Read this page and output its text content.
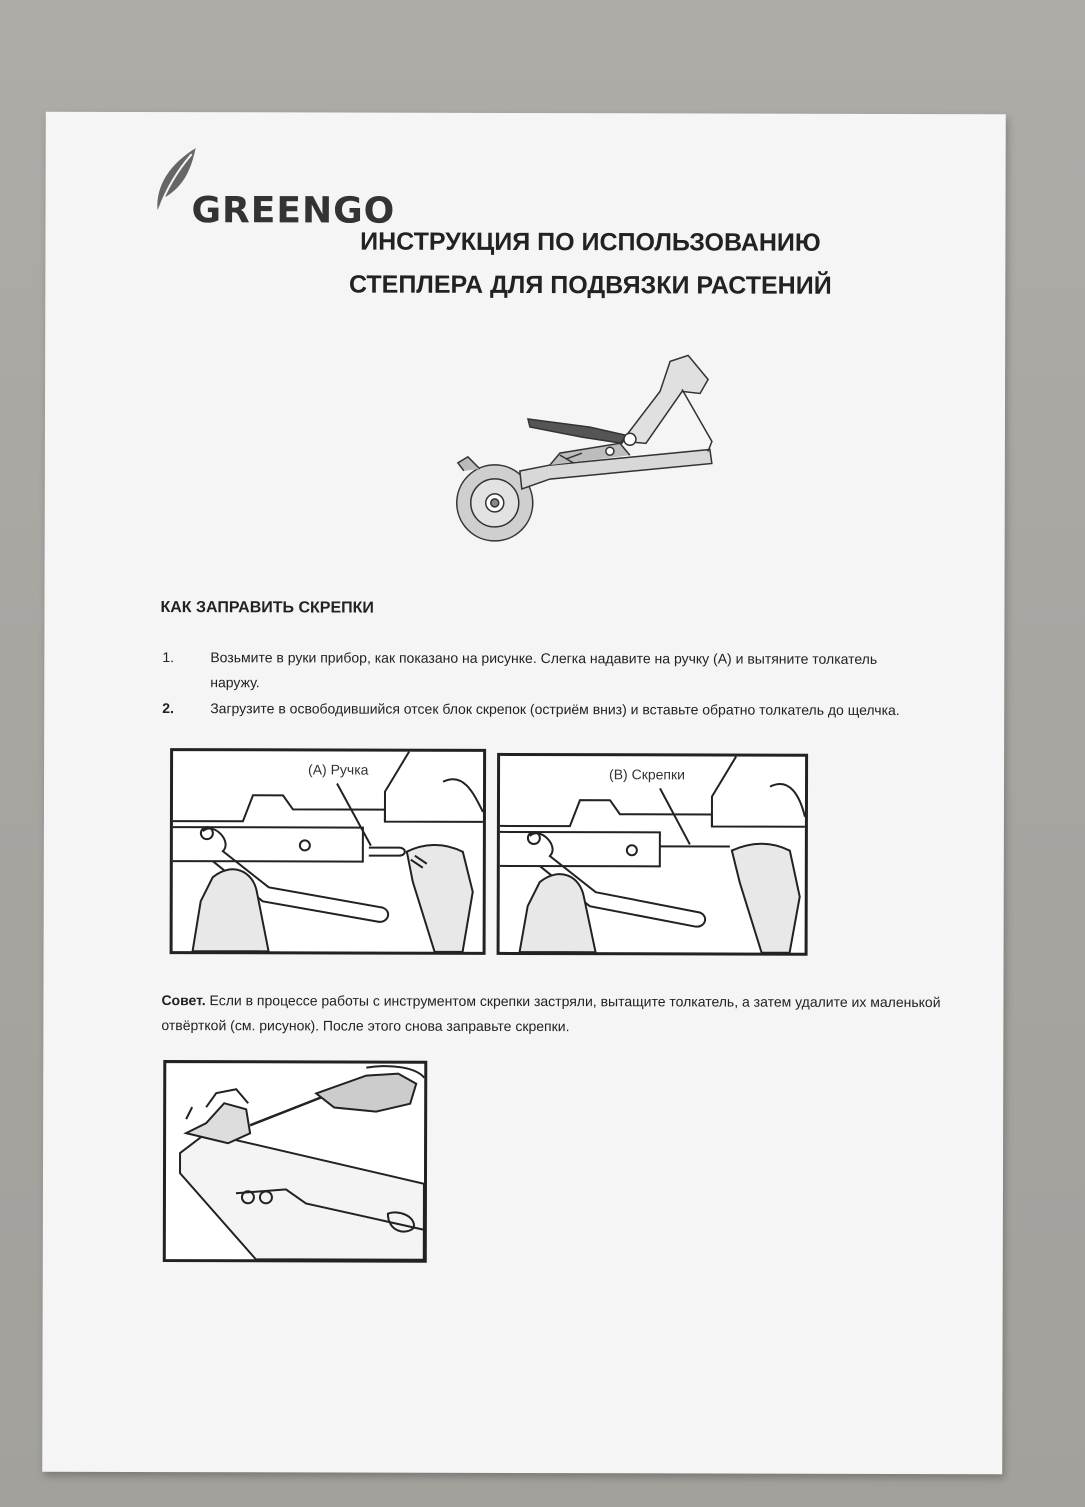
GREENGO
ИНСТРУКЦИЯ ПО ИСПОЛЬЗОВАНИЮ
СТЕПЛЕРА ДЛЯ ПОДВЯЗКИ РАСТЕНИЙ
КАК ЗАПРАВИТЬ СКРЕПКИ
1.	Возьмите в руки прибор, как показано на рисунке. Слегка надавите на ручку (А) и вытяните толкатель
наружу.
2.	Загрузите в освободившийся отсек блок скрепок (остриём вниз) и вставьте обратно толкатель до щелчка.
(А) Ручка	(В) Скрепки
Совет. Если в процессе работы с инструментом скрепки застряли, вытащите толкатель, а затем удалите их маленькой отвёрткой (см. рисунок). После этого снова заправьте скрепки.
